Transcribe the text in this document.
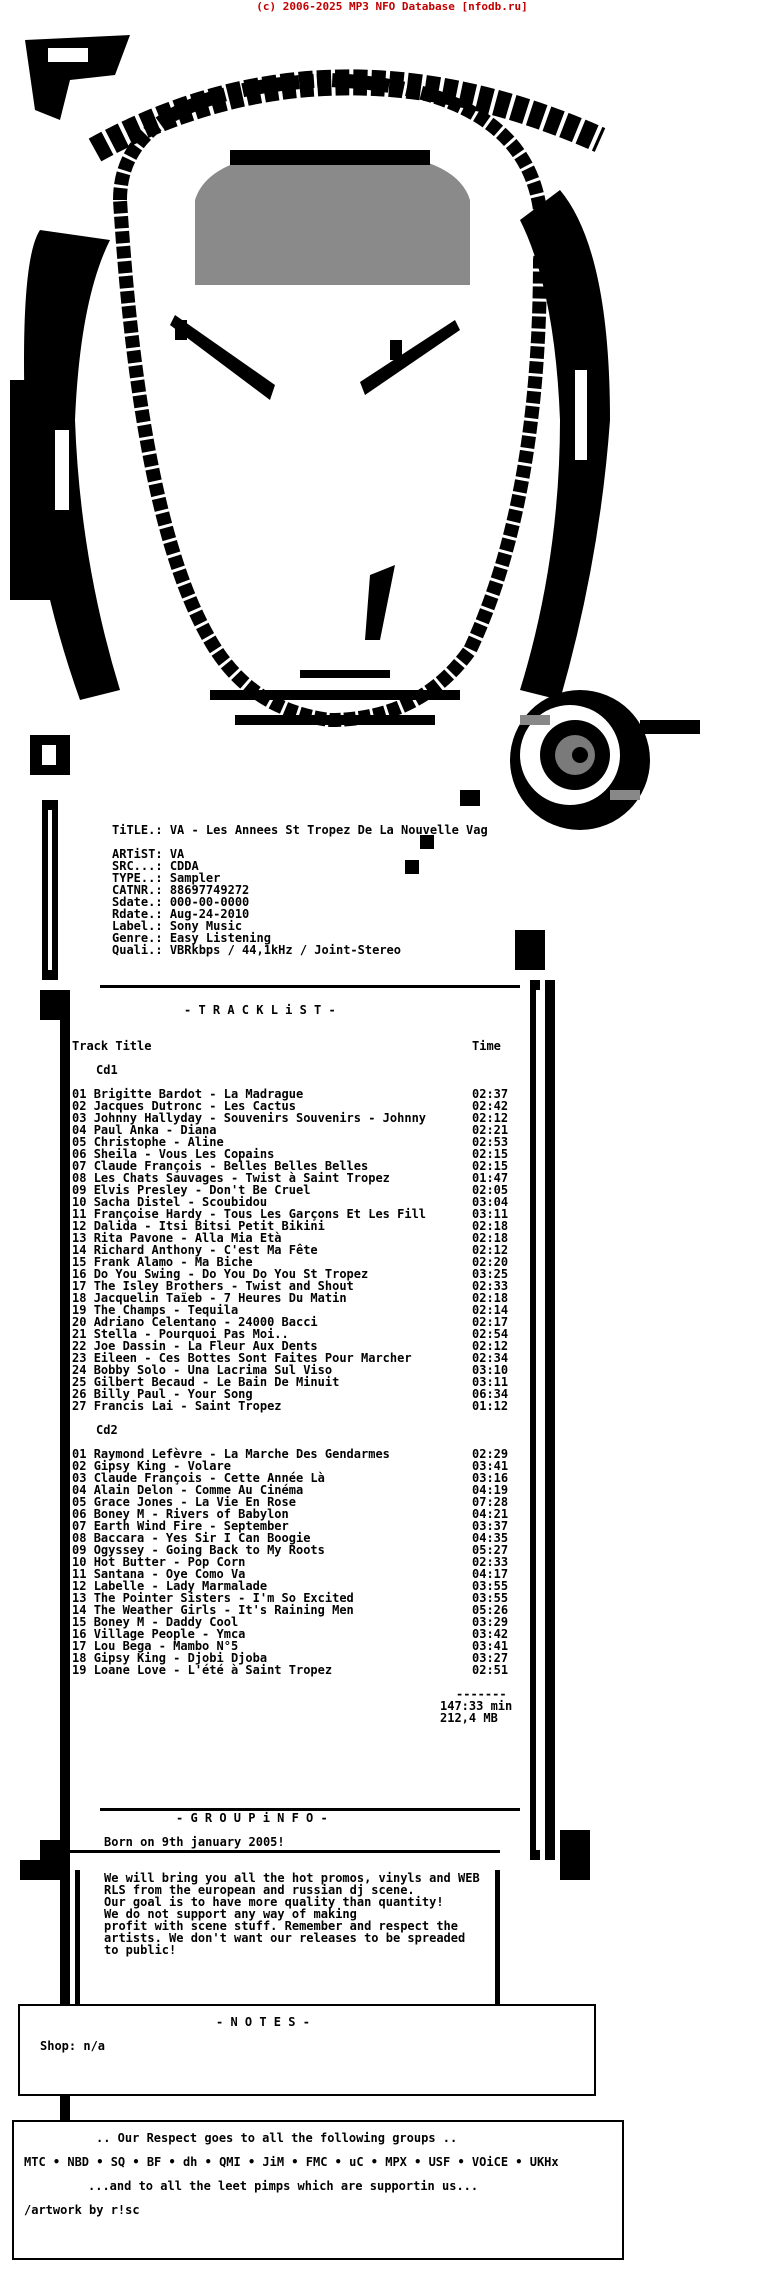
(c) 2006-2025 MP3 NFO Database [nfodb.ru]
TiTLE.: VA - Les Annees St Tropez De La Nouvelle Vag
ARTiST: VA
SRC...: CDDA
TYPE..: Sampler
CATNR.: 88697749272
Sdate.: 000-00-0000
Rdate.: Aug-24-2010
Label.: Sony Music
Genre.: Easy Listening
Quali.: VBRkbps / 44,1kHz / Joint-Stereo
- T R A C K L i S T -
Track Title	Time
Cd1
01 Brigitte Bardot - La Madrague	02:37
02 Jacques Dutronc - Les Cactus	02:42
03 Johnny Hallyday - Souvenirs Souvenirs - Johnny	02:12
04 Paul Anka - Diana	02:21
05 Christophe - Aline	02:53
06 Sheila - Vous Les Copains	02:15
07 Claude François - Belles Belles Belles	02:15
08 Les Chats Sauvages - Twist à Saint Tropez	01:47
09 Elvis Presley - Don't Be Cruel	02:05
10 Sacha Distel - Scoubidou	03:04
11 Françoise Hardy - Tous Les Garçons Et Les Fill	03:11
12 Dalida - Itsi Bitsi Petit Bikini	02:18
13 Rita Pavone - Alla Mia Età	02:18
14 Richard Anthony - C'est Ma Fête	02:12
15 Frank Alamo - Ma Biche	02:20
16 Do You Swing - Do You Do You St Tropez	03:25
17 The Isley Brothers - Twist and Shout	02:33
18 Jacquelin Taïeb - 7 Heures Du Matin	02:18
19 The Champs - Tequila	02:14
20 Adriano Celentano - 24000 Bacci	02:17
21 Stella - Pourquoi Pas Moi..	02:54
22 Joe Dassin - La Fleur Aux Dents	02:12
23 Eileen - Ces Bottes Sont Faites Pour Marcher	02:34
24 Bobby Solo - Una Lacrima Sul Viso	03:10
25 Gilbert Becaud - Le Bain De Minuit	03:11
26 Billy Paul - Your Song	06:34
27 Francis Lai - Saint Tropez	01:12
Cd2
01 Raymond Lefèvre - La Marche Des Gendarmes	02:29
02 Gipsy King - Volare	03:41
03 Claude François - Cette Année Là	03:16
04 Alain Delon - Comme Au Cinéma	04:19
05 Grace Jones - La Vie En Rose	07:28
06 Boney M - Rivers of Babylon	04:21
07 Earth Wind Fire - September	03:37
08 Baccara - Yes Sir I Can Boogie	04:35
09 Ogyssey - Going Back to My Roots	05:27
10 Hot Butter - Pop Corn	02:33
11 Santana - Oye Como Va	04:17
12 Labelle - Lady Marmalade	03:55
13 The Pointer Sisters - I'm So Excited	03:55
14 The Weather Girls - It's Raining Men	05:26
15 Boney M - Daddy Cool	03:29
16 Village People - Ymca	03:42
17 Lou Bega - Mambo N°5	03:41
18 Gipsy King - Djobi Djoba	03:27
19 Loane Love - L'été à Saint Tropez	02:51
-------
147:33 min
212,4 MB
- G R O U P i N F O -
Born on 9th january 2005!
We will bring you all the hot promos, vinyls and WEB
RLS from the european and russian dj scene.
Our goal is to have more quality than quantity!
We do not support any way of making
profit with scene stuff. Remember and respect the
artists. We don't want our releases to be spreaded
to public!
- N O T E S -
Shop: n/a
.. Our Respect goes to all the following groups ..
MTC • NBD • SQ • BF • dh • QMI • JiM • FMC • uC • MPX • USF • VOiCE • UKHx
...and to all the leet pimps which are supportin us...
/artwork by r!sc
